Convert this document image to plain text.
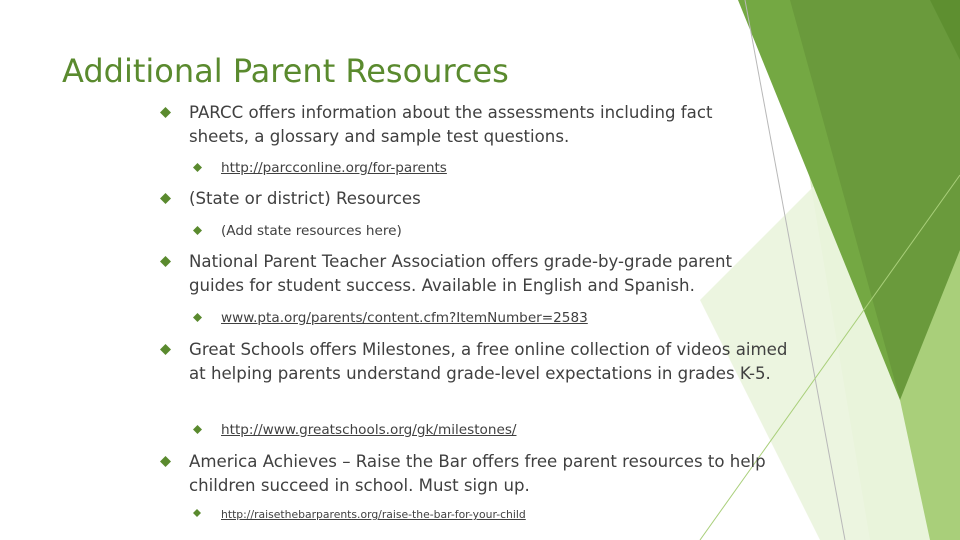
Additional Parent Resources
PARCC offers information about the assessments including fact sheets, a glossary and sample test questions.
http://parcconline.org/for-parents
(State or district) Resources
(Add state resources here)
National Parent Teacher Association offers grade-by-grade parent guides for student success. Available in English and Spanish.
www.pta.org/parents/content.cfm?ItemNumber=2583
Great Schools offers Milestones, a free online collection of videos aimed at helping parents understand grade-level expectations in grades K-5.
http://www.greatschools.org/gk/milestones/
America Achieves – Raise the Bar offers free parent resources to help children succeed in school. Must sign up.
http://raisethebarparents.org/raise-the-bar-for-your-child
